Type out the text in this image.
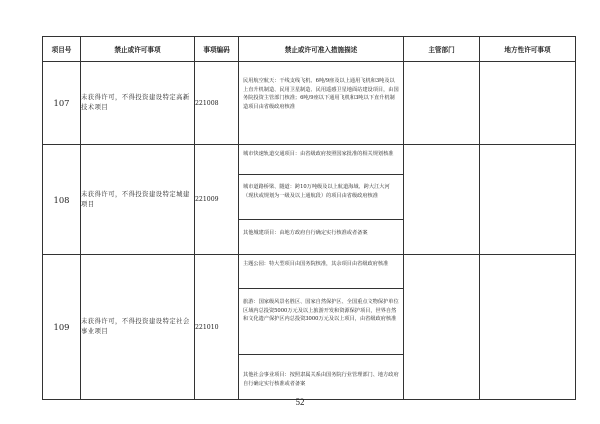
项目号	禁止或许可事项	事项编码	禁止或许可准入措施描述	主管部门	地方性许可事项
107	未获得许可，不得投资建设特定高新技术项目	221008	民用航空航天：干线支线飞机、6吨/9座及以上通用飞机和3吨及以上直升机制造、民用卫星制造、民用遥感卫星地面站建设项目，由国务院投资主管部门核准；6吨/9座以下通用飞机和3吨以下直升机制造项目由省级政府核准		

108	未获得许可，不得投资建设特定城建项目	221009	城市快速轨道交通项目：由省级政府按照国家批准的相关规划核准
城市道路桥梁、隧道：跨10万吨级及以上航道海域、跨大江大河（现状或规划为一级及以上通航段）的项目由省级政府核准
其他城建项目：由地方政府自行确定实行核准或者备案		

109	未获得许可，不得投资建设特定社会事业项目	221010	主题公园：特大型项目由国务院核准，其余项目由省级政府核准
旅游：国家级风景名胜区、国家自然保护区、全国重点文物保护单位区域内总投资5000万元及以上旅游开发和资源保护项目，世界自然和文化遗产保护区内总投资3000万元及以上项目，由省级政府核准
其他社会事业项目：按照隶属关系由国务院行业管理部门、地方政府自行确定实行核准或者备案		

52
